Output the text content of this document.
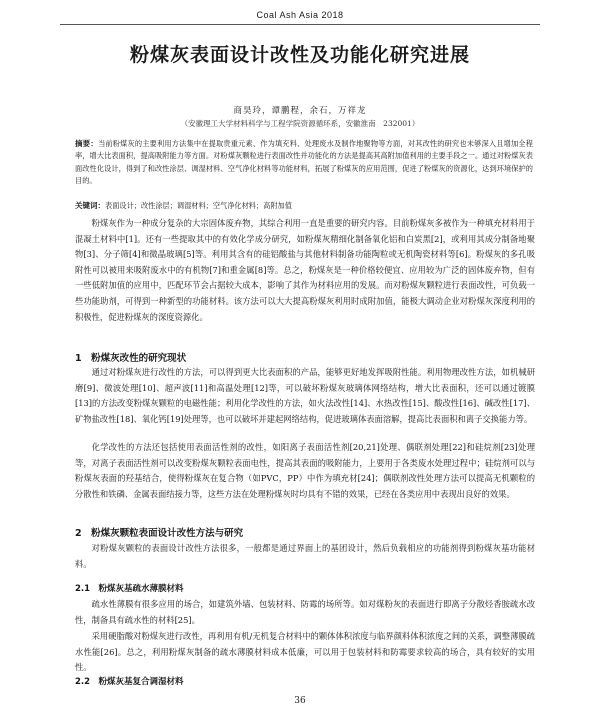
Coal Ash Asia 2018
粉煤灰表面设计改性及功能化研究进展
商昊玲，谭鹏程，余石，万祥龙
（安徽理工大学材料科学与工程学院资源循环系，安徽淮南　232001）
摘要：当前粉煤灰的主要利用方法集中在提取贵重元素、作为填充料、处理废水及制作地聚物等方面，对其改性的研究也未够深入且增加全程率，增大比表面积，提高吸附能力等方面。对粉煤灰颗粒进行表面改性并功能化的方法是提高其高附加值利用的主要手段之一。通过对粉煤灰表面改性化设计，得到了和改性涂层、调湿材料、空气净化材料等功能材料，拓展了粉煤灰的应用范围，促进了粉煤灰的资源化，达到环境保护的目的。
关键词：表面设计；改性涂层；调湿材料；空气净化材料；高附加值
粉煤灰作为一种成分复杂的大宗固体废弃物，其综合利用一直是重要的研究内容。目前粉煤灰多被作为一种填充材料用于混凝土材料中[1]。还有一些提取其中的有效化学成分研究，如粉煤灰精细化制备氧化铝和白炭黑[2]，或利用其成分制备地聚物[3]、分子筛[4]和微晶玻璃[5]等。利用其含有的硅铝酸盐与其他材料制备功能陶粒或无机陶瓷材料等[6]。粉煤灰的多孔吸附性可以被用来吸附废水中的有机物[7]和重金属[8]等。总之，粉煤灰是一种价格较便宜、应用较为广泛的固体废弃物，但有一些低附加值的应用中，匹配环节会占据较大成本，影响了其作为材料应用的发展。而对粉煤灰颗粒进行表面改性，可负载一些功能助剂，可得到一种新型的功能材料。该方法可以大大提高粉煤灰利用时成附加值，能极大调动企业对粉煤灰深度利用的积极性，促进粉煤灰的深度资源化。
1　粉煤灰改性的研究现状
通过对粉煤灰进行改性的方法，可以得到更大比表面积的产品，能够更好地发挥吸附性能。利用物理改性方法，如机械研磨[9]、微波处理[10]、超声波[11]和高温处理[12]等，可以破坏粉煤灰玻璃体网络结构，增大比表面积，还可以通过镀膜[13]的方法改变粉煤灰颗粒的电磁性能；利用化学改性的方法，如火法改性[14]、水热改性[15]、酸改性[16]、碱改性[17]、矿物盐改性[18]、氧化钙[19]处理等，也可以破坏并建起网络结构，促进玻璃体表面溶解，提高比表面积和离子交换能力等。
化学改性的方法还包括使用表面活性剂的改性，如阳离子表面活性剂[20,21]处理、偶联剂处理[22]和硅烷剂[23]处理等，对离子表面活性剂可以改变粉煤灰颗粒表面电性，提高其表面的吸附能力，上要用于各类废水处理过程中；硅烷剂可以与粉煤灰表面的羟基结合，使得粉煤灰在复合物（如PVC，PP）中作为填充材[24]；偶联剂改性处理方法可以提高无机颗粒的分散性和铁磷、金属表面结接力等，这些方法在处理粉煤灰时均具有不错的效果，已经在各类应用中表现出良好的效果。
2　粉煤灰颗粒表面设计改性方法与研究
对粉煤灰颗粒的表面设计改性方法很多，一般都是通过界面上的基团设计，然后负载相应的功能剂得到粉煤灰基功能材料。
2.1　粉煤灰基疏水薄膜材料
疏水性薄膜有很多应用的场合，如建筑外墙、包装材料、防霉的场所等。如对煤粉灰的表面进行即离子分散烃香胺疏水改性，制备具有疏水性的材料[25]。
采用硬脂酸对粉煤灰进行改性，再利用有机/无机复合材料中的颗体体积浓度与临界颜料体积浓度之间的关系，调整薄膜疏水性能[26]。总之，利用粉煤灰制备的疏水薄膜材料成本低廉，可以用于包装材料和防霉要求较高的场合，具有较好的实用性。
2.2　粉煤灰基复合调湿材料
36
